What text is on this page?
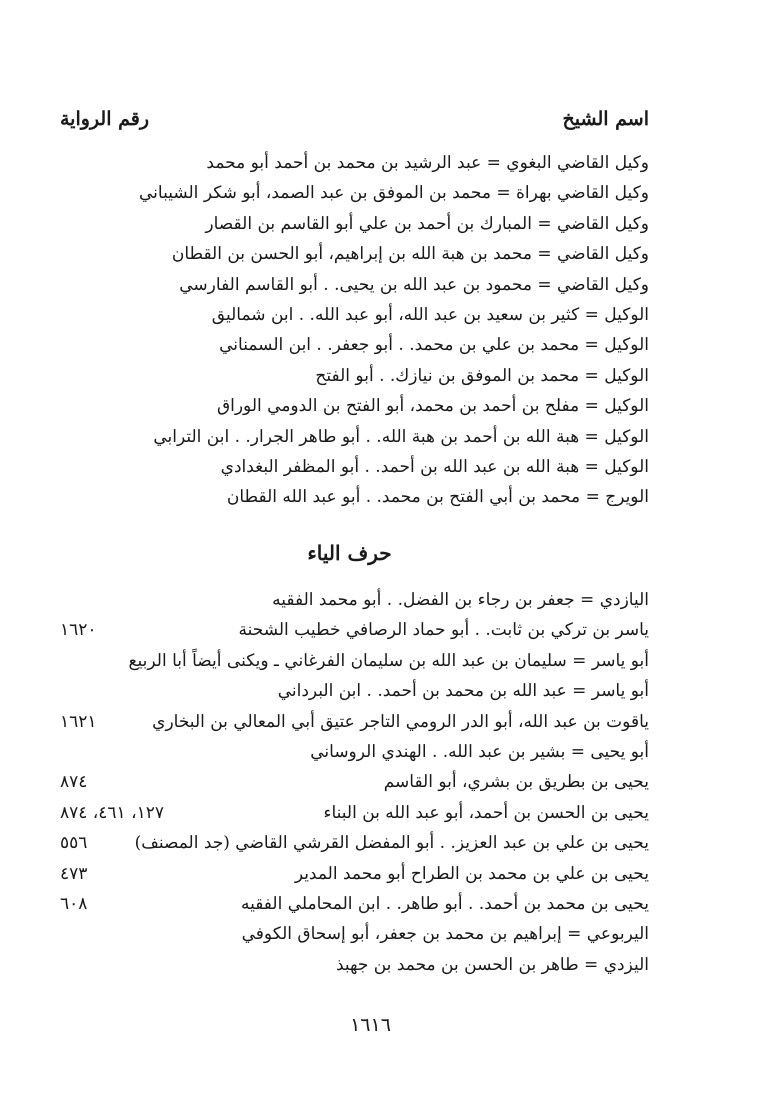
اسم الشيخ
رقم الرواية
وكيل القاضي البغوي = عبد الرشيد بن محمد بن أحمد أبو محمد
وكيل القاضي بهراة = محمد بن الموفق بن عبد الصمد، أبو شكر الشيباني
وكيل القاضي = المبارك بن أحمد بن علي أبو القاسم بن القصار
وكيل القاضي = محمد بن هبة الله بن إبراهيم، أبو الحسن بن القطان
وكيل القاضي = محمود بن عبد الله بن يحيى. . أبو القاسم الفارسي
الوكيل = كثير بن سعيد بن عبد الله، أبو عبد الله. . ابن شماليق
الوكيل = محمد بن علي بن محمد. . أبو جعفر. . ابن السمناني
الوكيل = محمد بن الموفق بن نيازك. . أبو الفتح
الوكيل = مفلح بن أحمد بن محمد، أبو الفتح بن الدومي الوراق
الوكيل = هبة الله بن أحمد بن هبة الله. . أبو طاهر الجرار. . ابن الترابي
الوكيل = هبة الله بن عبد الله بن أحمد. . أبو المظفر البغدادي
الويرج = محمد بن أبي الفتح بن محمد. . أبو عبد الله القطان
حرف الياء
اليازدي = جعفر بن رجاء بن الفضل. . أبو محمد الفقيه
ياسر بن تركي بن ثابت. . أبو حماد الرصافي خطيب الشحنة
١٦٢٠
أبو ياسر = سليمان بن عبد الله بن سليمان الفرغاني ـ ويكنى أيضاً أبا الربيع
أبو ياسر = عبد الله بن محمد بن أحمد. . ابن البرداني
ياقوت بن عبد الله، أبو الدر الرومي التاجر عتيق أبي المعالي بن البخاري
١٦٢١
أبو يحيى = بشير بن عبد الله. . الهندي الروساني
يحيى بن بطريق بن بشري، أبو القاسم
٨٧٤
يحيى بن الحسن بن أحمد، أبو عبد الله بن البناء
١٢٧، ٤٦١، ٨٧٤
يحيى بن علي بن عبد العزيز. . أبو المفضل القرشي القاضي (جد المصنف)
٥٥٦
يحيى بن علي بن محمد بن الطراح أبو محمد المدير
٤٧٣
يحيى بن محمد بن أحمد. . أبو طاهر. . ابن المحاملي الفقيه
٦٠٨
اليربوعي = إبراهيم بن محمد بن جعفر، أبو إسحاق الكوفي
اليزدي = طاهر بن الحسن بن محمد بن جهبذ
١٦١٦
